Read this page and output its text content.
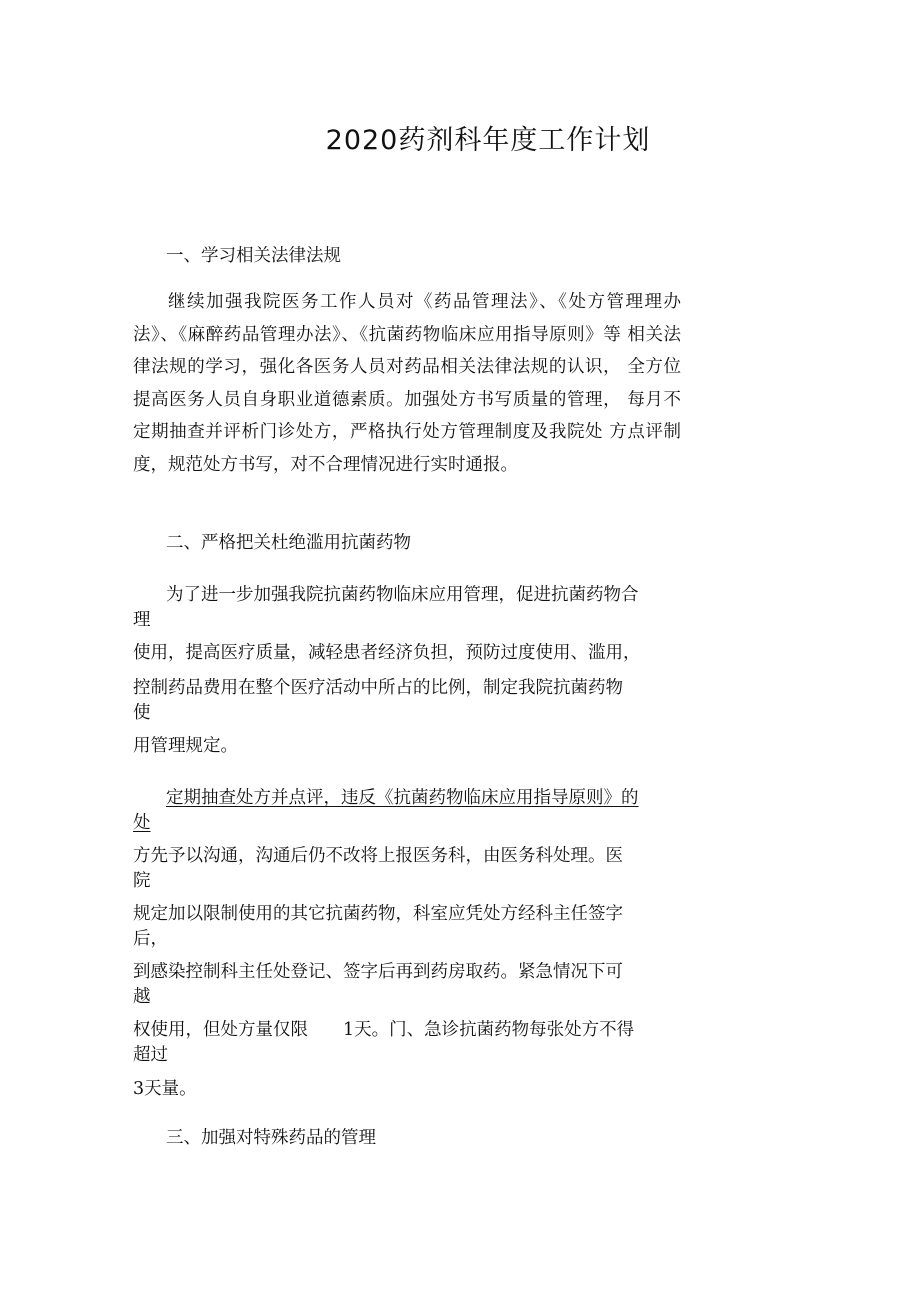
2020药剂科年度工作计划

一、学习相关法律法规

继续加强我院医务工作人员对《药品管理法》、《处方管理理办 法》、《麻醉药品管理办法》、《抗菌药物临床应用指导原则》等 相关法律法规的学习，强化各医务人员对药品相关法律法规的认识， 全方位提高医务人员自身职业道德素质。加强处方书写质量的管理， 每月不定期抽查并评析门诊处方，严格执行处方管理制度及我院处 方点评制度，规范处方书写，对不合理情况进行实时通报。

二、严格把关杜绝滥用抗菌药物

为了进一步加强我院抗菌药物临床应用管理，促进抗菌药物合

理

使用，提高医疗质量，减轻患者经济负担，预防过度使用、滥用，

控制药品费用在整个医疗活动中所占的比例，制定我院抗菌药物

使

用管理规定。

定期抽查处方并点评，违反《抗菌药物临床应用指导原则》的

处

方先予以沟通，沟通后仍不改将上报医务科，由医务科处理。医

院

规定加以限制使用的其它抗菌药物，科室应凭处方经科主任签字

后，

到感染控制科主任处登记、签字后再到药房取药。紧急情况下可

越

权使用，但处方量仅限　　1天。门、急诊抗菌药物每张处方不得

超过

3天量。

三、加强对特殊药品的管理
